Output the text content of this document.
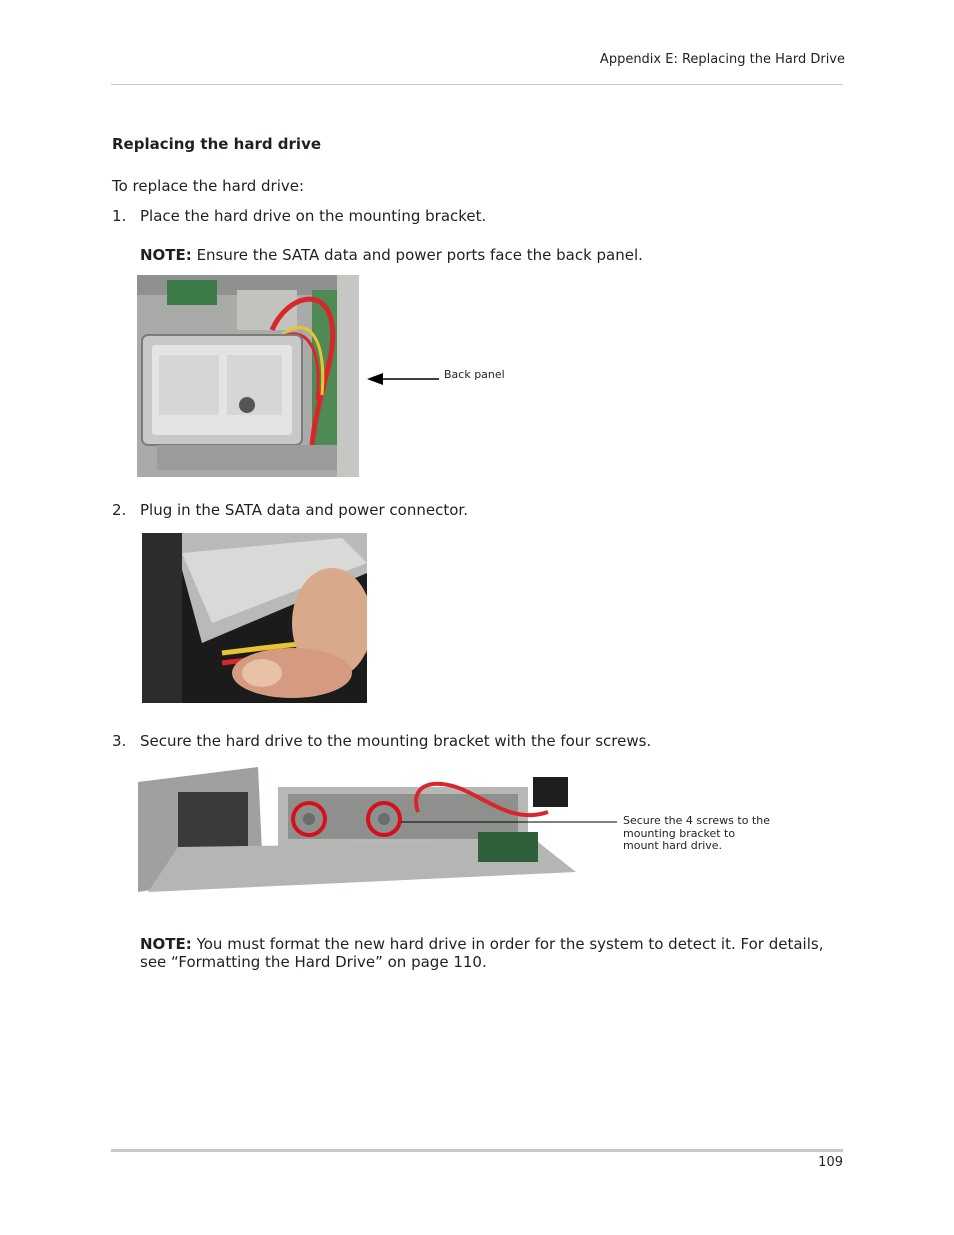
Appendix E: Replacing the Hard Drive
Replacing the hard drive
To replace the hard drive:
1. Place the hard drive on the mounting bracket.
NOTE: Ensure the SATA data and power ports face the back panel.
Back panel
2. Plug in the SATA data and power connector.
3. Secure the hard drive to the mounting bracket with the four screws.
Secure the 4 screws to the
mounting bracket to
mount hard drive.
NOTE: You must format the new hard drive in order for the system to detect it. For details, see “Formatting the Hard Drive” on page 110.
109
